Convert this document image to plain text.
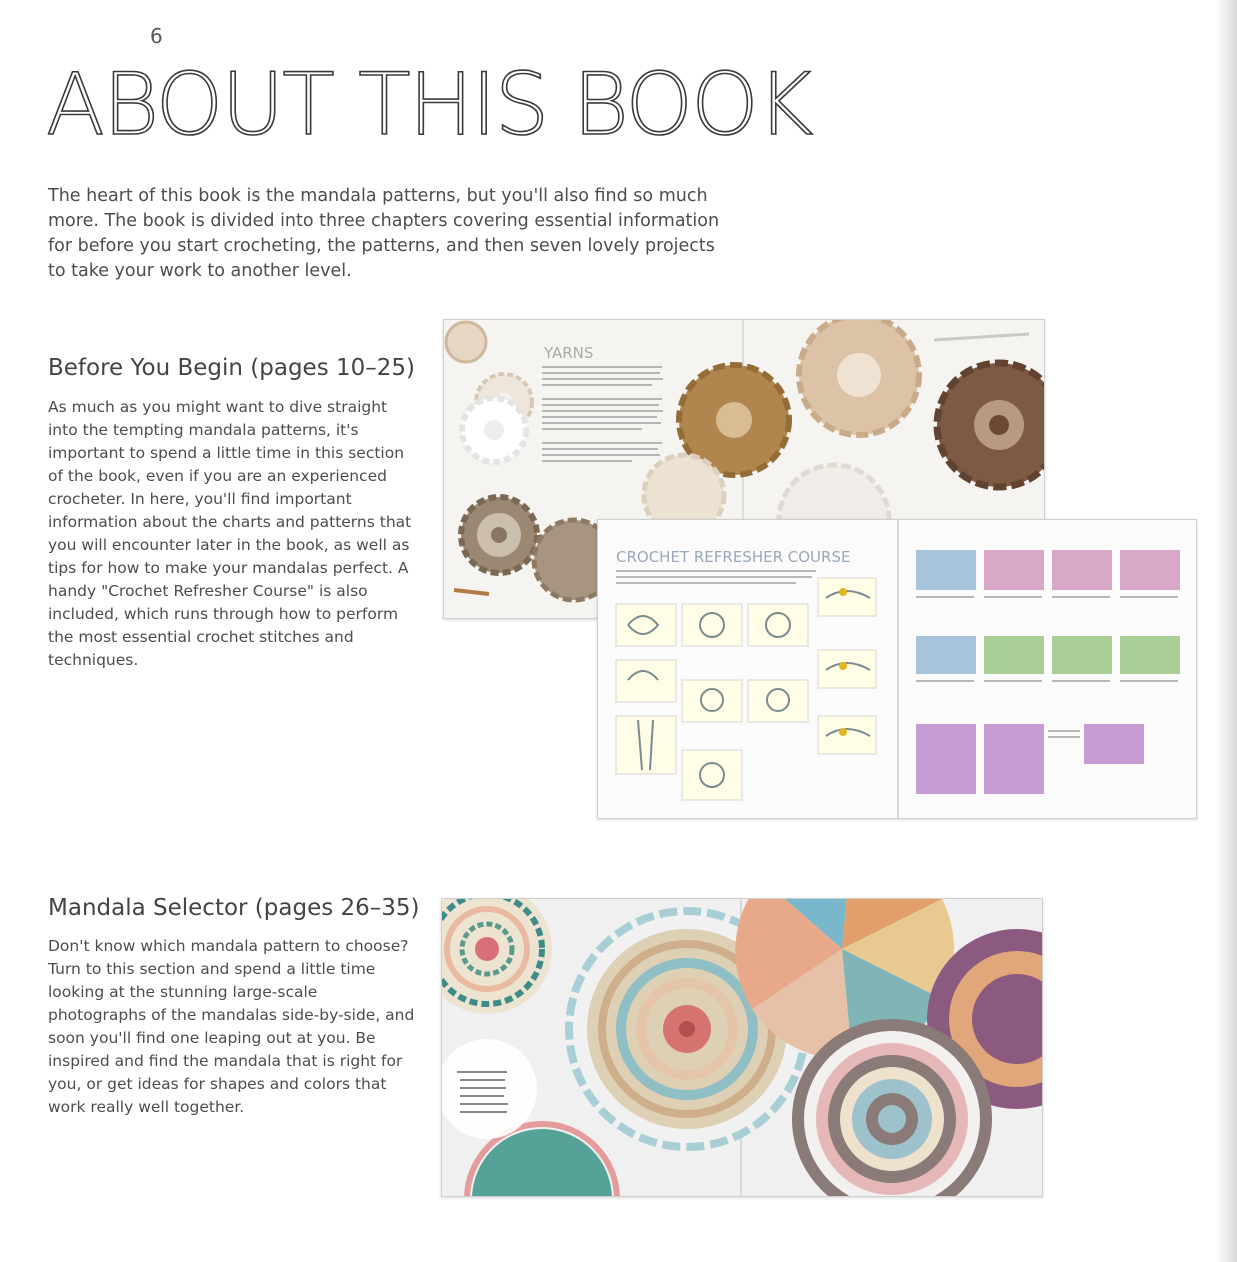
6
ABOUT THIS BOOK

The heart of this book is the mandala patterns, but you'll also find so much more. The book is divided into three chapters covering essential information for before you start crocheting, the patterns, and then seven lovely projects to take your work to another level.

Before You Begin (pages 10–25)

As much as you might want to dive straight into the tempting mandala patterns, it's important to spend a little time in this section of the book, even if you are an experienced crocheter. In here, you'll find important information about the charts and patterns that you will encounter later in the book, as well as tips for how to make your mandalas perfect. A handy "Crochet Refresher Course" is also included, which runs through how to perform the most essential crochet stitches and techniques.

Mandala Selector (pages 26–35)

Don't know which mandala pattern to choose? Turn to this section and spend a little time looking at the stunning large-scale photographs of the mandalas side-by-side, and soon you'll find one leaping out at you. Be inspired and find the mandala that is right for you, or get ideas for shapes and colors that work really well together.

YARNS
CROCHET REFRESHER COURSE
